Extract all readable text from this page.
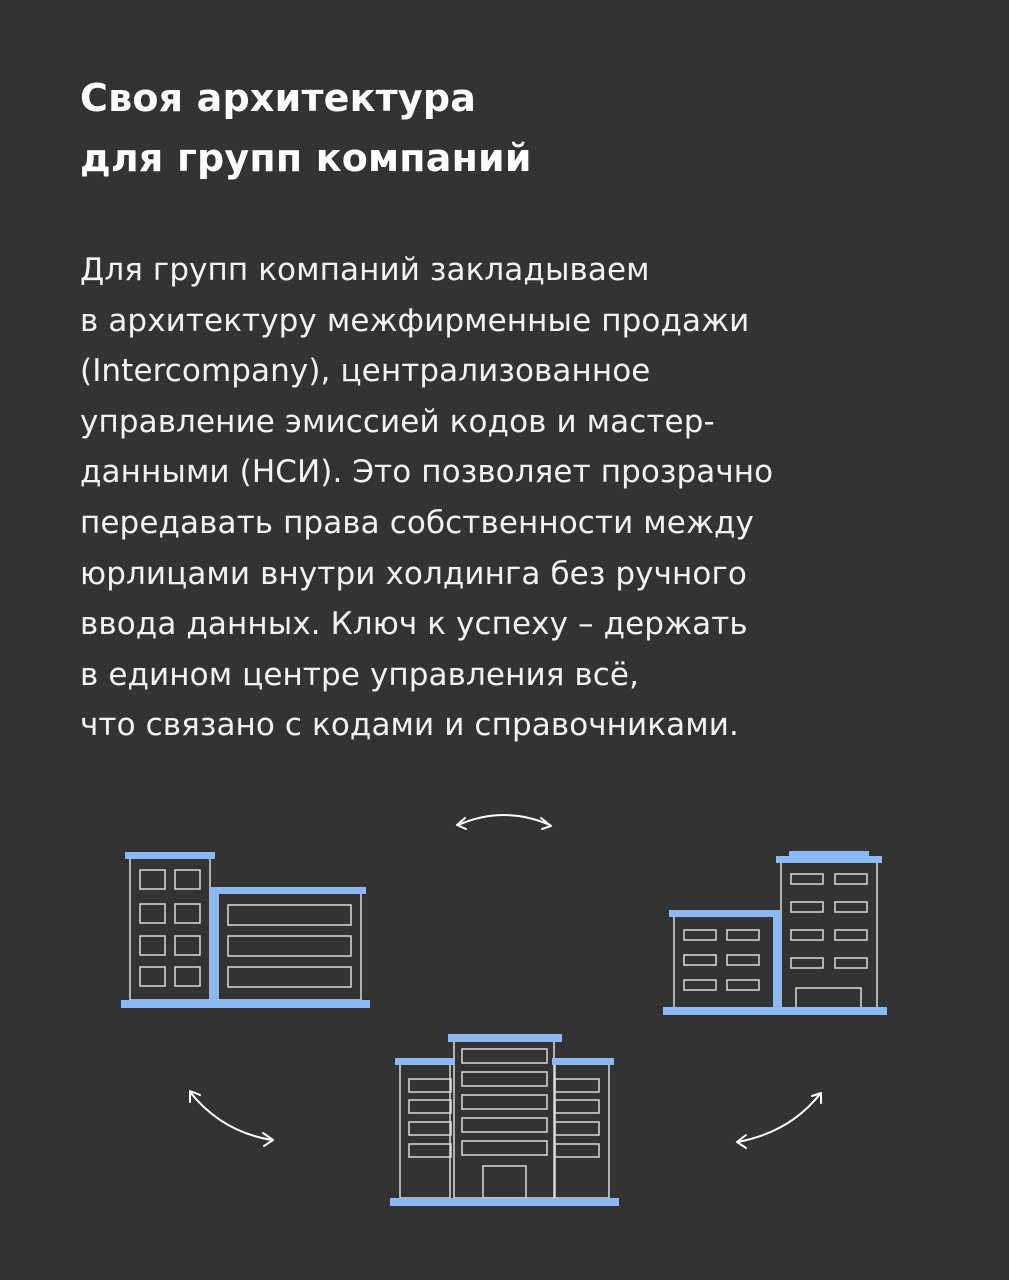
Своя архитектура
для групп компаний

Для групп компаний закладываем
в архитектуру межфирменные продажи
(Intercompany), централизованное
управление эмиссией кодов и мастер-
данными (НСИ). Это позволяет прозрачно
передавать права собственности между
юрлицами внутри холдинга без ручного
ввода данных. Ключ к успеху – держать
в едином центре управления всё,
что связано с кодами и справочниками.
